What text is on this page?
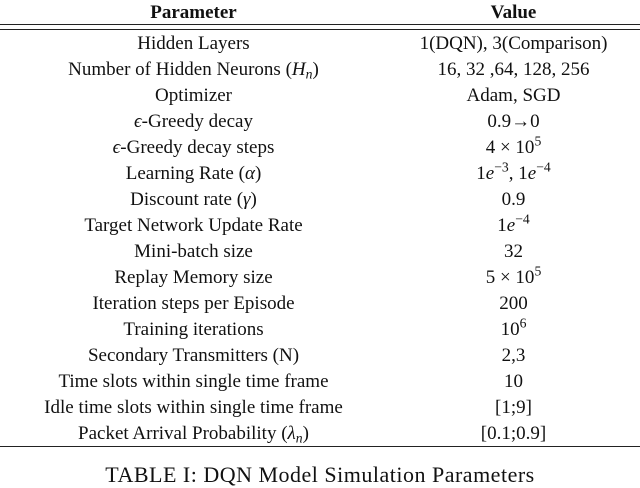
Parameter	Value

Hidden Layers	1(DQN), 3(Comparison)
Number of Hidden Neurons $(H_n)$	16, 32 ,64, 128, 256
Optimizer	Adam, SGD
ϵ-Greedy decay	0.9→0
ϵ-Greedy decay steps	$4 \times 10^5$
Learning Rate (α)	$1e^{-3}$, $1e^{-4}$
Discount rate (γ)	0.9
Target Network Update Rate	$1e^{-4}$
Mini-batch size	32
Replay Memory size	$5 \times 10^5$
Iteration steps per Episode	200
Training iterations	$10^6$
Secondary Transmitters (N)	2,3
Time slots within single time frame	10
Idle time slots within single time frame	[1;9]
Packet Arrival Probability $(\lambda_n)$	[0.1;0.9]
TABLE I: DQN Model Simulation Parameters
